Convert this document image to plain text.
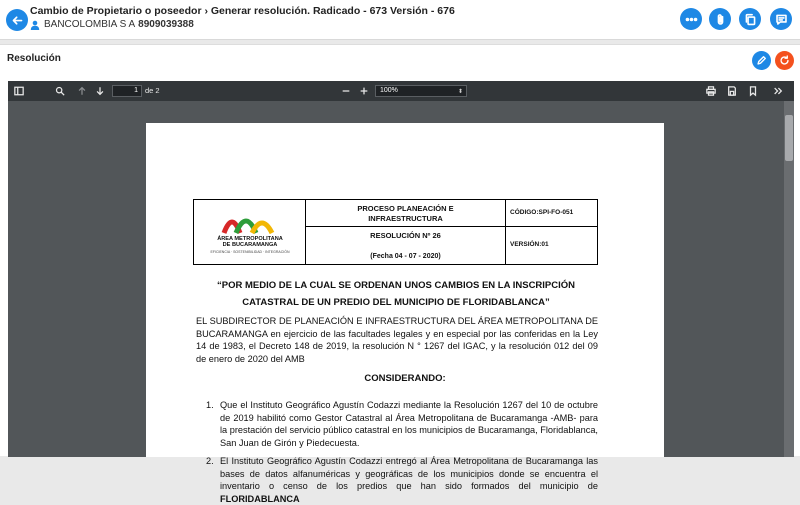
Cambio de Propietario o poseedor › Generar resolución. Radicado - 673 Versión - 676
BANCOLOMBIA S A 8909039388
Resolución
1 de 2	100%	⬍
ÁREA METROPOLITANA
DE BUCARAMANGA
EFICIENCIA · SOSTENIBILIDAD · INTEGRACIÓN
PROCESO PLANEACIÓN E
INFRAESTRUCTURA
RESOLUCIÓN Nº 26
(Fecha 04 - 07 - 2020)
CÓDIGO:SPI-FO-051
VERSIÓN:01
“POR MEDIO DE LA CUAL SE ORDENAN UNOS CAMBIOS EN LA INSCRIPCIÓN
CATASTRAL DE UN PREDIO DEL MUNICIPIO DE FLORIDABLANCA”
EL SUBDIRECTOR DE PLANEACIÓN E INFRAESTRUCTURA DEL ÁREA METROPOLITANA DE BUCARAMANGA en ejercicio de las facultades legales y en especial por las conferidas en la Ley 14 de 1983, el Decreto 148 de 2019, la resolución N ° 1267 del IGAC, y la resolución 012 del 09 de enero de 2020 del AMB
CONSIDERANDO:
1. Que el Instituto Geográfico Agustín Codazzi mediante la Resolución 1267 del 10 de octubre de 2019 habilitó como Gestor Catastral al Área Metropolitana de Bucaramanga -AMB- para la prestación del servicio público catastral en los municipios de Bucaramanga, Floridablanca, San Juan de Girón y Piedecuesta.
2. El Instituto Geográfico Agustín Codazzi entregó al Área Metropolitana de Bucaramanga las bases de datos alfanuméricas y geográficas de los municipios donde se encuentra el inventario o censo de los predios que han sido formados del municipio de FLORIDABLANCA
